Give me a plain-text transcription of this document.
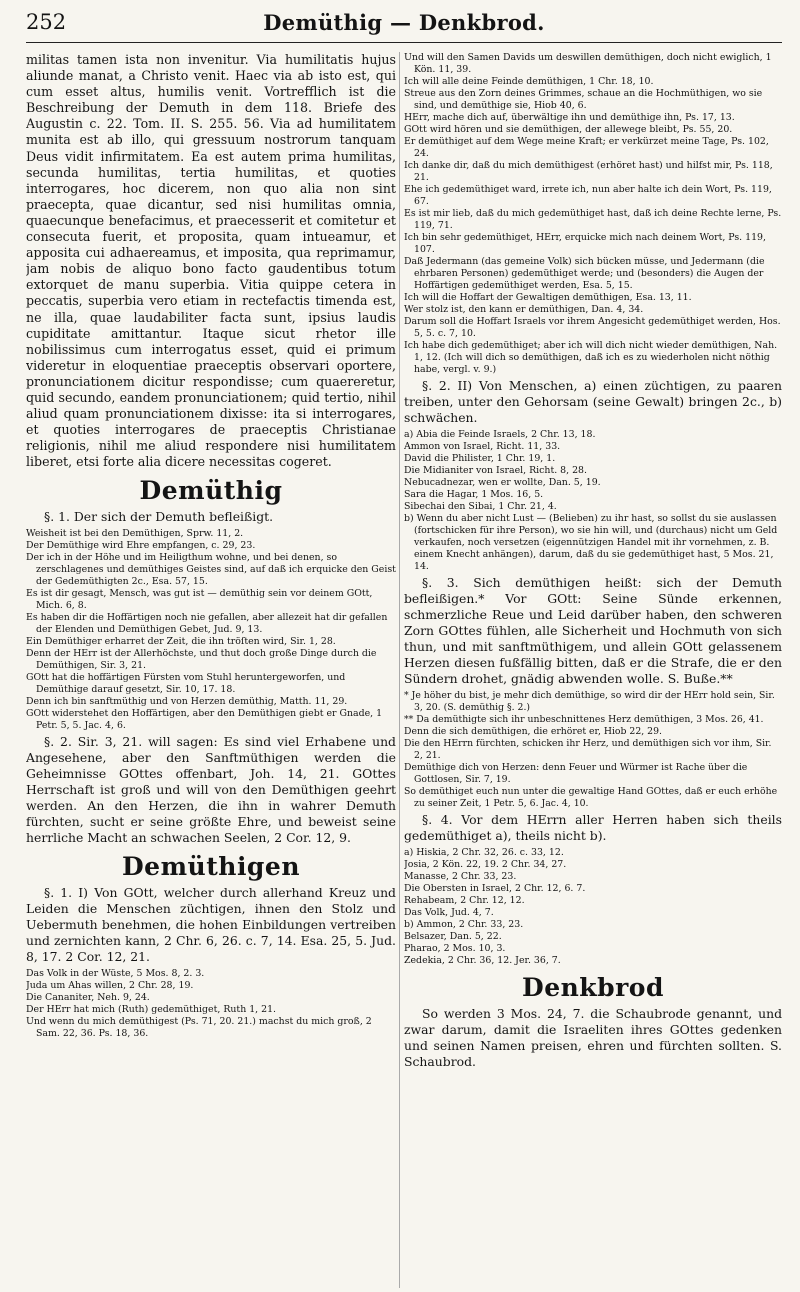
252	Demüthig — Denkbrod.

militas tamen ista non invenitur. Via humilitatis hujus aliunde manat, a Christo venit. Haec via ab isto est, qui cum esset altus, humilis venit. Vortrefflich ist die Beschreibung der Demuth in dem 118. Briefe des Augustin c. 22. Tom. II. S. 255. 56. Via ad humilitatem munita est ab illo, qui gressuum nostrorum tanquam Deus vidit infirmitatem. Ea est autem prima humilitas, secunda humilitas, tertia humilitas, et quoties interrogares, hoc dicerem, non quo alia non sint praecepta, quae dicantur, sed nisi humilitas omnia, quaecunque benefacimus, et praecesserit et comitetur et consecuta fuerit, et proposita, quam intueamur, et apposita cui adhaereamus, et imposita, qua reprimamur, jam nobis de aliquo bono facto gaudentibus totum extorquet de manu superbia. Vitia quippe cetera in peccatis, superbia vero etiam in rectefactis timenda est, ne illa, quae laudabiliter facta sunt, ipsius laudis cupiditate amittantur. Itaque sicut rhetor ille nobilissimus cum interrogatus esset, quid ei primum videretur in eloquentiae praeceptis observari oportere, pronunciationem dicitur respondisse; cum quaereretur, quid secundo, eandem pronunciationem; quid tertio, nihil aliud quam pronunciationem dixisse: ita si interrogares, et quoties interrogares de praeceptis Christianae religionis, nihil me aliud respondere nisi humilitatem liberet, etsi forte alia dicere necessitas cogeret.

Demüthig

§. 1. Der sich der Demuth befleißigt.

Weisheit ist bei den Demüthigen, Sprw. 11, 2.

Der Demüthige wird Ehre empfangen, c. 29, 23.

Der ich in der Höhe und im Heiligthum wohne, und bei denen, so zerschlagenes und demüthiges Geistes sind, auf daß ich erquicke den Geist der Gedemüthigten 2c., Esa. 57, 15.

Es ist dir gesagt, Mensch, was gut ist — demüthig sein vor deinem GOtt, Mich. 6, 8.

Es haben dir die Hoffärtigen noch nie gefallen, aber allezeit hat dir gefallen der Elenden und Demüthigen Gebet, Jud. 9, 13.

Ein Demüthiger erharret der Zeit, die ihn tröſten wird, Sir. 1, 28.

Denn der HErr ist der Allerhöchste, und thut doch große Dinge durch die Demüthigen, Sir. 3, 21.

GOtt hat die hoffärtigen Fürsten vom Stuhl heruntergeworfen, und Demüthige darauf gesetzt, Sir. 10, 17. 18.

Denn ich bin sanftmüthig und von Herzen demüthig, Matth. 11, 29.

GOtt widerstehet den Hoffärtigen, aber den Demüthigen giebt er Gnade, 1 Petr. 5, 5. Jac. 4, 6.

§. 2. Sir. 3, 21. will sagen: Es sind viel Erhabene und Angesehene, aber den Sanftmüthigen werden die Geheimnisse GOttes offenbart, Joh. 14, 21. GOttes Herrschaft ist groß und will von den Demüthigen geehrt werden. An den Herzen, die ihn in wahrer Demuth fürchten, sucht er seine größte Ehre, und beweist seine herrliche Macht an schwachen Seelen, 2 Cor. 12, 9.

Demüthigen

§. 1. I) Von GOtt, welcher durch allerhand Kreuz und Leiden die Menschen züchtigen, ihnen den Stolz und Uebermuth benehmen, die hohen Einbildungen vertreiben und zernichten kann, 2 Chr. 6, 26. c. 7, 14. Esa. 25, 5. Jud. 8, 17. 2 Cor. 12, 21.

Das Volk in der Wüste, 5 Mos. 8, 2. 3.

Juda um Ahas willen, 2 Chr. 28, 19.

Die Cananiter, Neh. 9, 24.

Der HErr hat mich (Ruth) gedemüthiget, Ruth 1, 21.

Und wenn du mich demüthigest (Ps. 71, 20. 21.) machst du mich groß, 2 Sam. 22, 36. Ps. 18, 36.

Und will den Samen Davids um deswillen demüthigen, doch nicht ewiglich, 1 Kön. 11, 39.

Ich will alle deine Feinde demüthigen, 1 Chr. 18, 10.

Streue aus den Zorn deines Grimmes, schaue an die Hochmüthigen, wo sie sind, und demüthige sie, Hiob 40, 6.

HErr, mache dich auf, überwältige ihn und demüthige ihn, Ps. 17, 13.

GOtt wird hören und sie demüthigen, der allewege bleibt, Ps. 55, 20.

Er demüthiget auf dem Wege meine Kraft; er verkürzet meine Tage, Ps. 102, 24.

Ich danke dir, daß du mich demüthigest (erhöret hast) und hilfst mir, Ps. 118, 21.

Ehe ich gedemüthiget ward, irrete ich, nun aber halte ich dein Wort, Ps. 119, 67.

Es ist mir lieb, daß du mich gedemüthiget hast, daß ich deine Rechte lerne, Ps. 119, 71.

Ich bin sehr gedemüthiget, HErr, erquicke mich nach deinem Wort, Ps. 119, 107.

Daß Jedermann (das gemeine Volk) sich bücken müsse, und Jedermann (die ehrbaren Personen) gedemüthiget werde; und (besonders) die Augen der Hoffärtigen gedemüthiget werden, Esa. 5, 15.

Ich will die Hoffart der Gewaltigen demüthigen, Esa. 13, 11.

Wer stolz ist, den kann er demüthigen, Dan. 4, 34.

Darum soll die Hoffart Israels vor ihrem Angesicht gedemüthiget werden, Hos. 5, 5. c. 7, 10.

Ich habe dich gedemüthiget; aber ich will dich nicht wieder demüthigen, Nah. 1, 12. (Ich will dich so demüthigen, daß ich es zu wiederholen nicht nöthig habe, vergl. v. 9.)

§. 2. II) Von Menschen, a) einen züchtigen, zu paaren treiben, unter den Gehorsam (seine Gewalt) bringen 2c., b) schwächen.

a) Abia die Feinde Israels, 2 Chr. 13, 18.

Ammon von Israel, Richt. 11, 33.

David die Philister, 1 Chr. 19, 1.

Die Midianiter von Israel, Richt. 8, 28.

Nebucadnezar, wen er wollte, Dan. 5, 19.

Sara die Hagar, 1 Mos. 16, 5.

Sibechai den Sibai, 1 Chr. 21, 4.

b) Wenn du aber nicht Lust — (Belieben) zu ihr hast, so sollst du sie auslassen (fortschicken für ihre Person), wo sie hin will, und (durchaus) nicht um Geld verkaufen, noch versetzen (eigennützigen Handel mit ihr vornehmen, z. B. einem Knecht anhängen), darum, daß du sie gedemüthiget hast, 5 Mos. 21, 14.

§. 3. Sich demüthigen heißt: sich der Demuth befleißigen.* Vor GOtt: Seine Sünde erkennen, schmerzliche Reue und Leid darüber haben, den schweren Zorn GOttes fühlen, alle Sicherheit und Hochmuth von sich thun, und mit sanftmüthigem, und allein GOtt gelassenem Herzen diesen fußfällig bitten, daß er die Strafe, die er den Sündern drohet, gnädig abwenden wolle. S. Buße.**

* Je höher du bist, je mehr dich demüthige, so wird dir der HErr hold sein, Sir. 3, 20. (S. demüthig §. 2.)

** Da demüthigte sich ihr unbeschnittenes Herz demüthigen, 3 Mos. 26, 41.

Denn die sich demüthigen, die erhöret er, Hiob 22, 29.

Die den HErrn fürchten, schicken ihr Herz, und demüthigen sich vor ihm, Sir. 2, 21.

Demüthige dich von Herzen: denn Feuer und Würmer ist Rache über die Gottlosen, Sir. 7, 19.

So demüthiget euch nun unter die gewaltige Hand GOttes, daß er euch erhöhe zu seiner Zeit, 1 Petr. 5, 6. Jac. 4, 10.

§. 4. Vor dem HErrn aller Herren haben sich theils gedemüthiget a), theils nicht b).

a) Hiskia, 2 Chr. 32, 26. c. 33, 12.

Josia, 2 Kön. 22, 19. 2 Chr. 34, 27.

Manasse, 2 Chr. 33, 23.

Die Obersten in Israel, 2 Chr. 12, 6. 7.

Rehabeam, 2 Chr. 12, 12.

Das Volk, Jud. 4, 7.

b) Ammon, 2 Chr. 33, 23.

Belsazer, Dan. 5, 22.

Pharao, 2 Mos. 10, 3.

Zedekia, 2 Chr. 36, 12. Jer. 36, 7.

Denkbrod

So werden 3 Mos. 24, 7. die Schaubrode genannt, und zwar darum, damit die Israeliten ihres GOttes gedenken und seinen Namen preisen, ehren und fürchten sollten. S. Schaubrod.
